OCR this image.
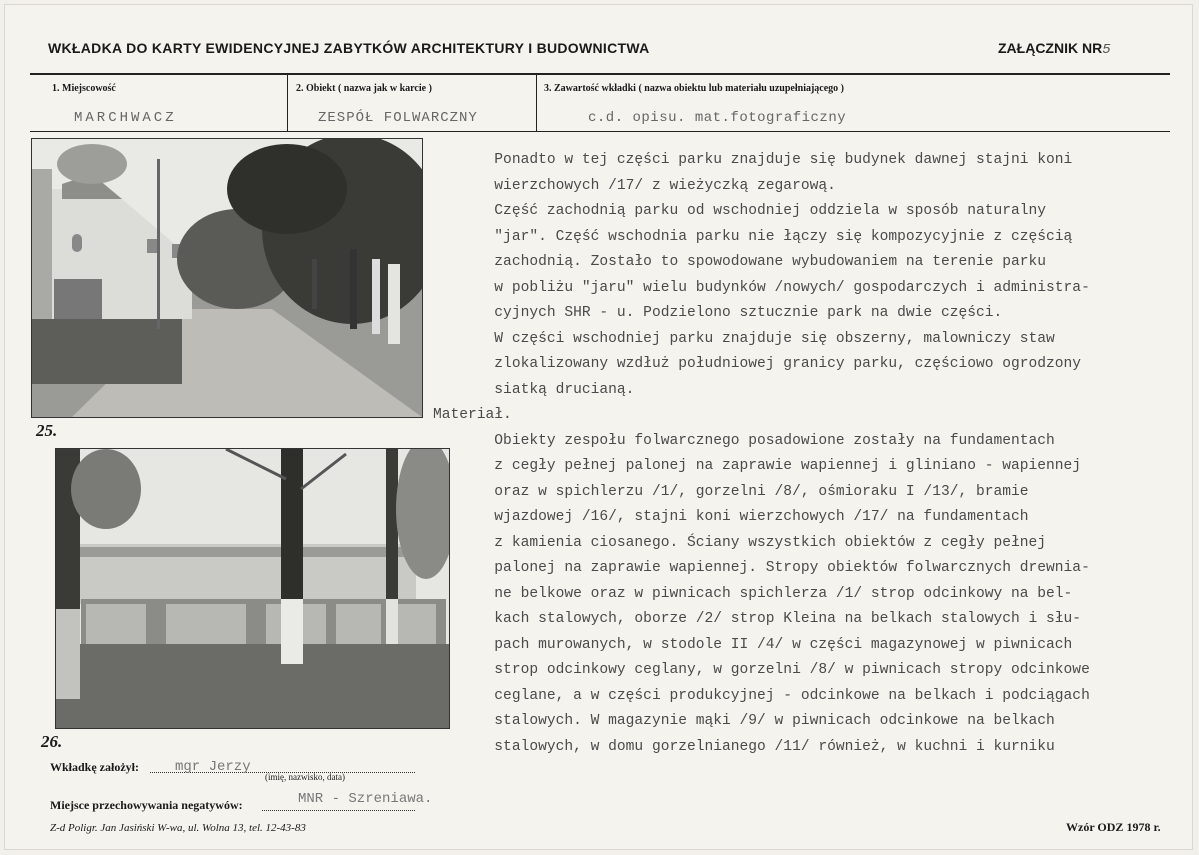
WKŁADKA DO KARTY EWIDENCYJNEJ ZABYTKÓW ARCHITEKTURY I BUDOWNICTWA	ZAŁĄCZNIK NR5
1. Miejscowość
MARCHWACZ
2. Obiekt ( nazwa jak w karcie )
ZESPÓŁ FOLWARCZNY
3. Zawartość wkładki ( nazwa obiektu lub materiału uzupełniającego )
c.d. opisu. mat.fotograficzny
25.
26.
Ponadto w tej części parku znajduje się budynek dawnej stajni koni
wierzchowych /17/ z wieżyczką zegarową.
Część zachodnią parku od wschodniej oddziela w sposób naturalny
"jar". Część wschodnia parku nie łączy się kompozycyjnie z częścią
zachodnią. Zostało to spowodowane wybudowaniem na terenie parku
w pobliżu "jaru" wielu budynków /nowych/ gospodarczych i administra-
cyjnych SHR - u. Podzielono sztucznie park na dwie części.
W części wschodniej parku znajduje się obszerny, malowniczy staw
zlokalizowany wzdłuż południowej granicy parku, częściowo ogrodzony
siatką drucianą.
Materiał.
Obiekty zespołu folwarcznego posadowione zostały na fundamentach
z cegły pełnej palonej na zaprawie wapiennej i gliniano - wapiennej
oraz w spichlerzu /1/, gorzelni /8/, ośmioraku I /13/, bramie
wjazdowej /16/, stajni koni wierzchowych /17/ na fundamentach
z kamienia ciosanego. Ściany wszystkich obiektów z cegły pełnej
palonej na zaprawie wapiennej. Stropy obiektów folwarcznych drewnia-
ne belkowe oraz w piwnicach spichlerza /1/ strop odcinkowy na bel-
kach stalowych, oborze /2/ strop Kleina na belkach stalowych i słu-
pach murowanych, w stodole II /4/ w części magazynowej w piwnicach
strop odcinkowy ceglany, w gorzelni /8/ w piwnicach stropy odcinkowe
ceglane, a w części produkcyjnej - odcinkowe na belkach i podciągach
stalowych. W magazynie mąki /9/ w piwnicach odcinkowe na belkach
stalowych, w domu gorzelnianego /11/ również, w kuchni i kurniku
Wkładkę założył:	mgr Jerzy
(imię, nazwisko, data)
Miejsce przechowywania negatywów:	MNR - Szreniawa.
Z-d Poligr. Jan Jasiński W-wa, ul. Wolna 13, tel. 12-43-83	Wzór ODZ 1978 r.
